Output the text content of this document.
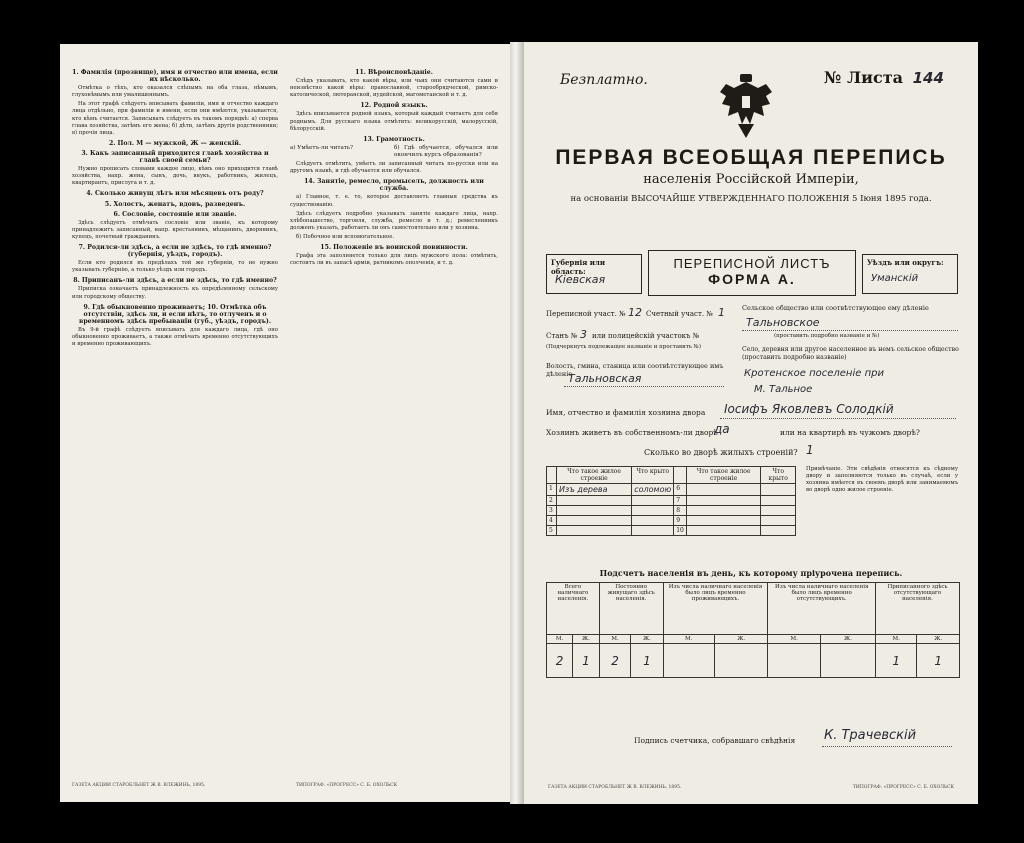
1. Фамилія (прозвище), имя и отчество или имена, если их нѣсколько.

Отмѣтка о тѣхъ, кто оказался слѣпымъ на оба глаза, нѣмымъ, глухонѣмымъ или умалишеннымъ.

На этот графѣ слѣдуетъ вписывать фамиліи, имя и отчество каждаго лица отдѣльно, при фамиліи и имени, если они имѣются, указывается, кто кѣмъ считается. Записывать слѣдуетъ въ такомъ порядкѣ: а) сперва глава хозяйства, затѣмъ его жена; б) дѣти, затѣмъ другія родственники; в) прочія лица.

2. Пол. М — мужской, Ж — женскій.
3. Какъ записанный приходится главѣ хозяйства и главѣ своей семьи?

Нужно прописать словами каждое лицо, кѣмъ оно приходится главѣ хозяйства, напр. жена, сынъ, дочь, внукъ, работникъ, жилецъ, квартирантъ, прислуга и т. д.

4. Сколько живущ лѣтъ или мѣсяцевъ отъ роду?
5. Холостъ, женатъ, вдовъ, разведенъ.
6. Сословіе, состояніе или званіе.

Здѣсь слѣдуетъ отмѣчать сословіе или званіе, къ которому принадлежитъ записанный, напр. крестьянинъ, мѣщанинъ, дворянинъ, купецъ, почетный гражданинъ.

7. Родился-ли здѣсь, а если не здѣсь, то гдѣ именно? (губернія, уѣздъ, городъ).

Если кто родился въ предѣлахъ той же губерніи, то не нужно указывать губернію, а только уѣздъ или городъ.

8. Приписанъ-ли здѣсь, а если не здѣсь, то гдѣ именно?

Приписка означаетъ принадлежность къ опредѣленному сельскому или городскому обществу.

9. Гдѣ обыкновенно проживаетъ; 10. Отмѣтка объ отсутствіи, здѣсь ли, и если нѣтъ, то отлученъ и о временномъ здѣсь пребываніи (губ., уѣздъ, городъ).

Въ 9-й графѣ слѣдуетъ вписывать для каждаго лица, гдѣ оно обыкновенно проживаетъ, а также отмѣчать временно отсутствующихъ и временно проживающихъ.

ГАЗЕТА АКЦИИ СТАРОБЛЬНЕТ Ж В. ВЛЕЖИНЬ, 1895.
11. Вѣроисповѣданіе.

Слѣдъ указывать, кто какой вѣры, или чьих они считаются сами и неизвѣстно какой вѣры: православной, старообрядческой, римско-католической, лютеранской, иудейской, магометанской и т. д.

12. Родной языкъ.

Здѣсь вписывается родной языкъ, который каждый считаетъ для себя роднымъ. Для русскаго языка отмѣтить: великорусскій, малорусскій, бѣлорусскій.

13. Грамотность.
а) Умѣетъ-ли читать?	б) Гдѣ обучается, обучался или окончилъ курсъ образованія?

Слѣдуетъ отмѣтить, умѣетъ ли записанный читать по-русски или на другомъ языкѣ, и гдѣ обучается или обучался.

14. Занятіе, ремесло, промыселъ, должность или служба.

а) Главное, т. е. то, которое доставляетъ главныя средства къ существованію.

Здѣсь слѣдуетъ подробно указывать занятіе каждаго лица, напр. хлѣбопашество, торговля, служба, ремесло и т. д.; ремесленникъ долженъ указать, работаетъ ли онъ самостоятельно или у хозяина.

б) Побочное или вспомогательное.

15. Положеніе въ воинской повинности.

Графа эта заполняется только для лицъ мужского пола: отмѣтить, состоитъ ли въ запасѣ армiи, ратникомъ ополченія, и т. д.

ТИПОГРАФ. «ПРОГРЕСС» С. Б. ОХОЛЬСК
Безплатно.	№ Листа 144
ПЕРВАЯ ВСЕОБЩАЯ ПЕРЕПИСЬ
населенія Россійской Имперіи,
на основаніи ВЫСОЧАЙШЕ УТВЕРЖДЕННАГО ПОЛОЖЕНІЯ 5 Іюня 1895 года.
Губернія или область:
Кіевская
ПЕРЕПИСНОЙ ЛИСТЪ
ФОРМА А.
Уѣздъ или округъ:
Уманскiй
Переписной участ. № 12 Счетный участ. № 1
Станъ № 3 или полицейскій участокъ №
(Подчеркнуть подлежащее названіе и проставить №)
Волость, гмина, станица или соотвѣтствующее имъ дѣленіе
Тальновская
Сельское общество или соотвѣтствующее ему дѣленіе
Тальновское
(проставить подробно названіе и №)
Село, деревня или другое населенное въ немъ сельское общество (проставить подробно названіе)
Кротенское поселеніе при
М. Тальное
Имя, отчество и фамилія хозяина двора Іосифъ Яковлевъ Солодкій
Хозяинъ живетъ въ собственномъ-ли дворѣ
да	или на квартирѣ въ чужомъ дворѣ?
Сколько во дворѣ жилыхъ строеній? 1
	Что такое жилое строеніе	Что крыто		Что такое жилое строеніе	Что крыто
1	Изъ дерева	соломою	6		
2			7		
3			8		
4			9		
5			10		
Примѣчаніе. Эти свѣдѣнія относятся къ сѣдному двору и заполняются только въ случаѣ, если у хозяина имѣется въ своемъ дворѣ или занимаемомъ во дворѣ одно жилое строеніе.
Подсчетъ населенія въ день, къ которому пріурочена перепись.
Всего наличнаго населенія.		Постоянно живущаго здѣсь населенія.		Изъ числа наличнаго населенія было лицъ временно проживающихъ.		Изъ числа наличнаго населенія было лицъ временно отсутствующихъ.		Приписанного здѣсь отсутствующаго населенія.	
М.	Ж.	М.	Ж.	М.	Ж.	М.	Ж.	М.	Ж.
2	1	2	1					1	1
Подпись счетчика, собравшаго свѣдѣнія К. Трачевскій
ГАЗЕТА АКЦИИ СТАРОБЛЬНЕТ Ж В. ВЛЕЖИНЬ, 1895.	ТИПОГРАФ. «ПРОГРЕСС» С. Б. ОХОЛЬСК
